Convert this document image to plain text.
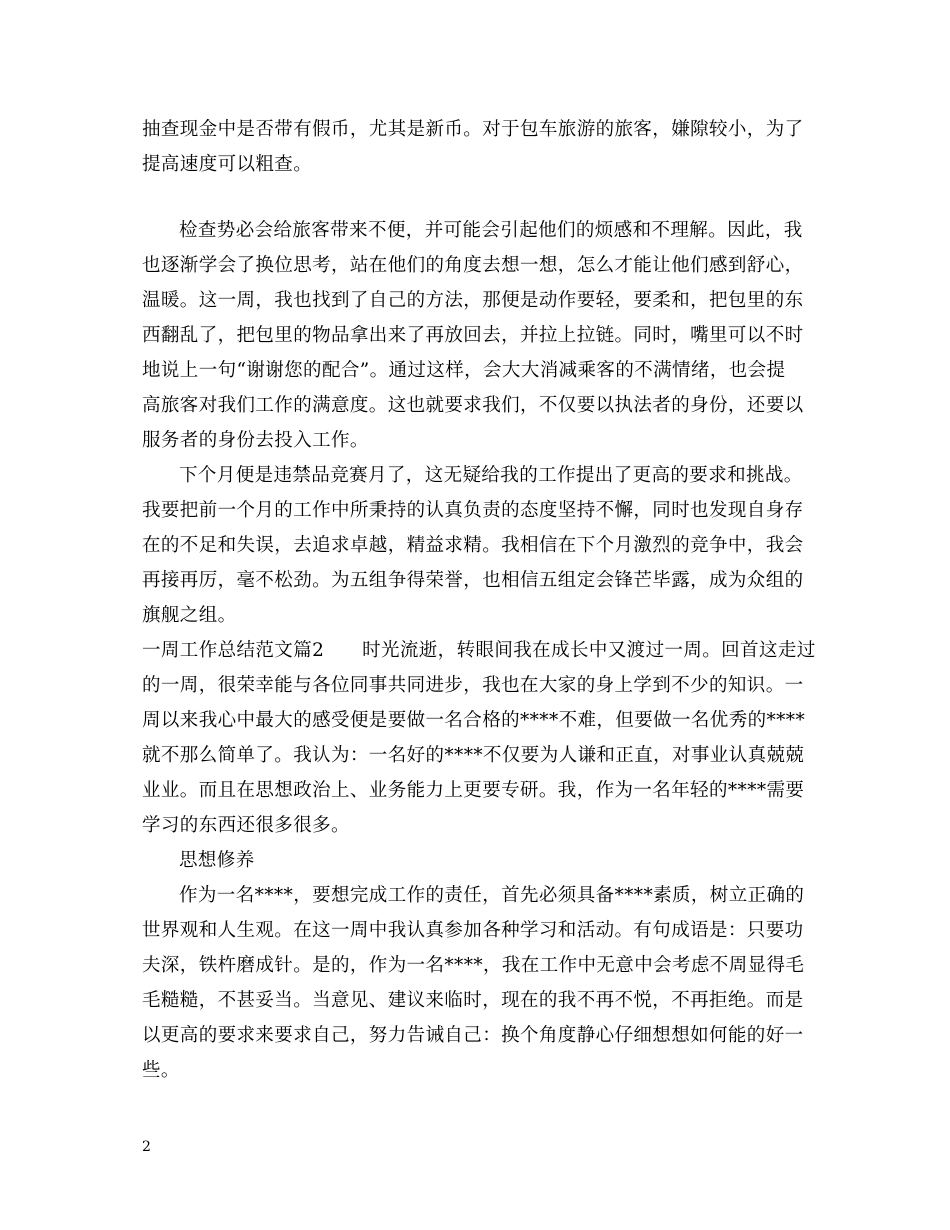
抽查现金中是否带有假币，尤其是新币。对于包车旅游的旅客，嫌隙较小，为了
提高速度可以粗查。
检查势必会给旅客带来不便，并可能会引起他们的烦感和不理解。因此，我
也逐渐学会了换位思考，站在他们的角度去想一想，怎么才能让他们感到舒心，
温暖。这一周，我也找到了自己的方法，那便是动作要轻，要柔和，把包里的东
西翻乱了，把包里的物品拿出来了再放回去，并拉上拉链。同时，嘴里可以不时
地说上一句“谢谢您的配合”。通过这样，会大大消减乘客的不满情绪，也会提
高旅客对我们工作的满意度。这也就要求我们，不仅要以执法者的身份，还要以
服务者的身份去投入工作。
下个月便是违禁品竞赛月了，这无疑给我的工作提出了更高的要求和挑战。
我要把前一个月的工作中所秉持的认真负责的态度坚持不懈，同时也发现自身存
在的不足和失误，去追求卓越，精益求精。我相信在下个月激烈的竞争中，我会
再接再厉，毫不松劲。为五组争得荣誉，也相信五组定会锋芒毕露，成为众组的
旗舰之组。
一周工作总结范文篇2　　时光流逝，转眼间我在成长中又渡过一周。回首这走过
的一周，很荣幸能与各位同事共同进步，我也在大家的身上学到不少的知识。一
周以来我心中最大的感受便是要做一名合格的****不难，但要做一名优秀的****
就不那么简单了。我认为：一名好的****不仅要为人谦和正直，对事业认真兢兢
业业。而且在思想政治上、业务能力上更要专研。我，作为一名年轻的****需要
学习的东西还很多很多。
思想修养
作为一名****，要想完成工作的责任，首先必须具备****素质，树立正确的
世界观和人生观。在这一周中我认真参加各种学习和活动。有句成语是：只要功
夫深，铁杵磨成针。是的，作为一名****，我在工作中无意中会考虑不周显得毛
毛糙糙，不甚妥当。当意见、建议来临时，现在的我不再不悦，不再拒绝。而是
以更高的要求来要求自己，努力告诫自己：换个角度静心仔细想想如何能的好一
些。
2
